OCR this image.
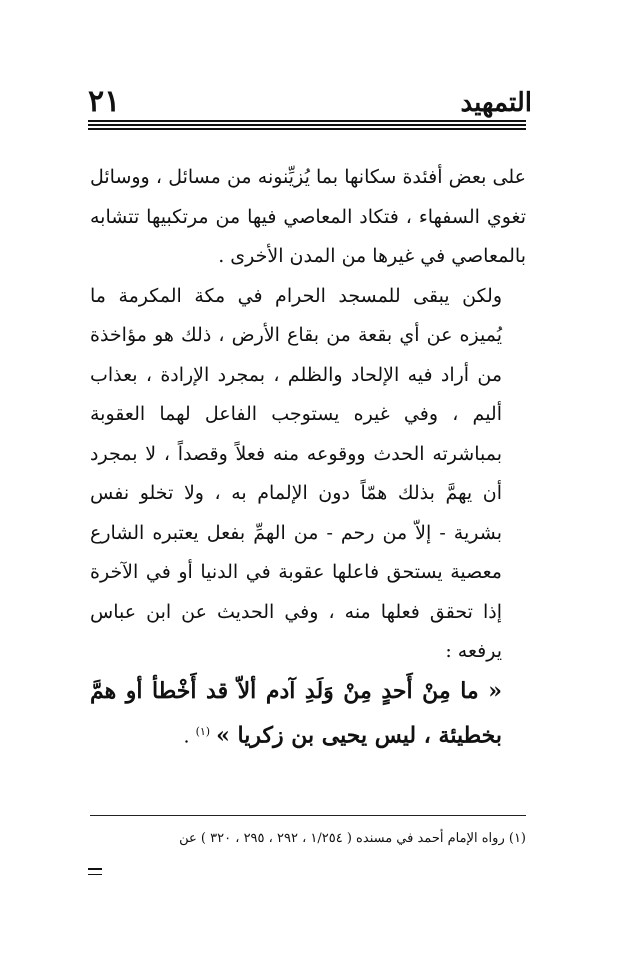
التمهيد
٢١

على بعض أفئدة سكانها بما يُزيِّنونه من مسائل ، ووسائل تغوي السفهاء ، فتكاد المعاصي فيها من مرتكبيها تتشابه بالمعاصي في غيرها من المدن الأخرى .

ولكن يبقى للمسجد الحرام في مكة المكرمة ما يُميزه عن أي بقعة من بقاع الأرض ، ذلك هو مؤاخذة من أراد فيه الإلحاد والظلم ، بمجرد الإرادة ، بعذاب أليم ، وفي غيره يستوجب الفاعل لهما العقوبة بمباشرته الحدث ووقوعه منه فعلاً وقصداً ، لا بمجرد أن يهمَّ بذلك همّاً دون الإلمام به ، ولا تخلو نفس بشرية - إلاّ من رحم - من الهمِّ بفعل يعتبره الشارع معصية يستحق فاعلها عقوبة في الدنيا أو في الآخرة إذا تحقق فعلها منه ، وفي الحديث عن ابن عباس يرفعه :
« ما مِنْ أَحدٍ مِنْ وَلَدِ آدم ألاّ قد أَخْطأ أو همَّ بخطيئة ، ليس يحيى بن زكريا » $^{(١)}$ .

(١) رواه الإمام أحمد في مسنده ( ١/٢٥٤ ، ٢٩٢ ، ٢٩٥ ، ٣٢٠ ) عن
